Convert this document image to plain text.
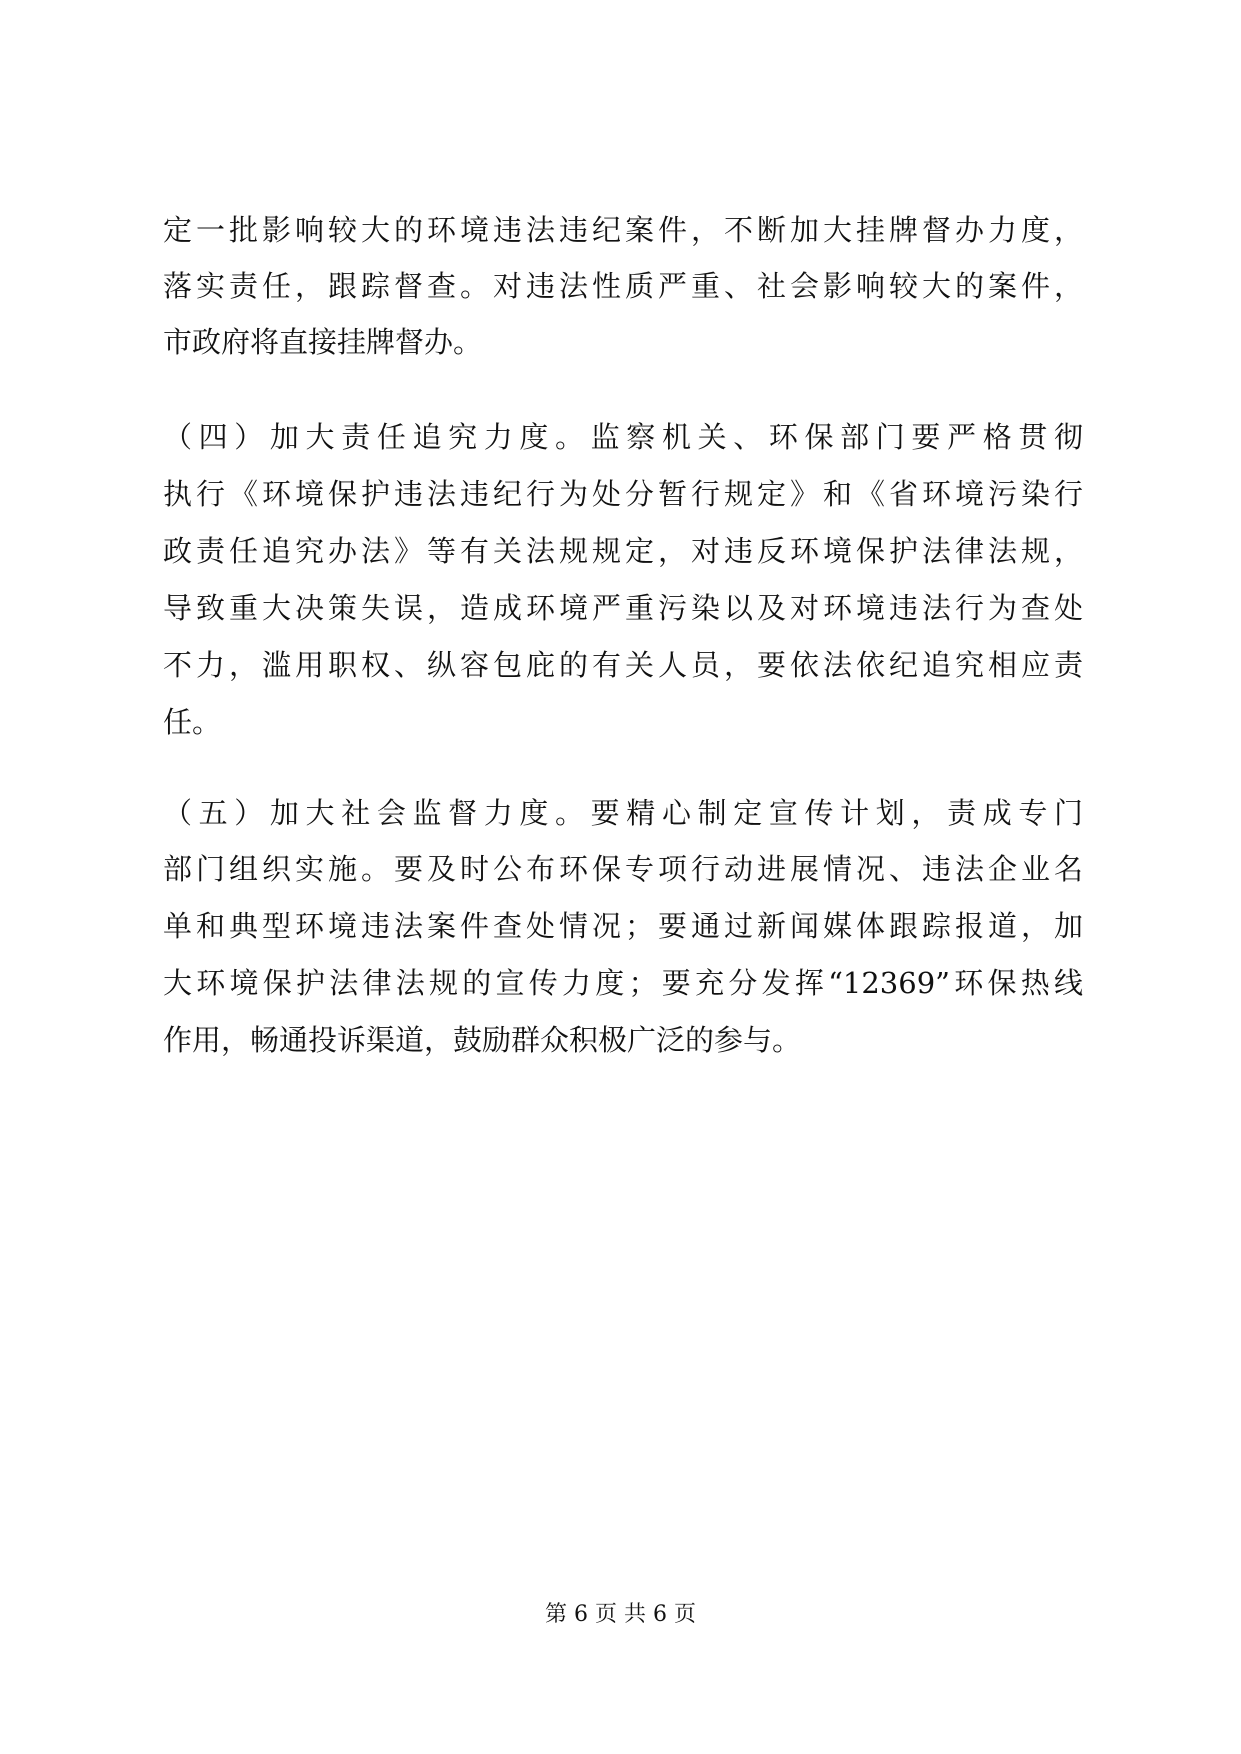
定一批影响较大的环境违法违纪案件，不断加大挂牌督办力度，
落实责任，跟踪督查。对违法性质严重、社会影响较大的案件，
市政府将直接挂牌督办。
（四）加大责任追究力度。监察机关、环保部门要严格贯彻
执行《环境保护违法违纪行为处分暂行规定》和《省环境污染行
政责任追究办法》等有关法规规定，对违反环境保护法律法规，
导致重大决策失误，造成环境严重污染以及对环境违法行为查处
不力，滥用职权、纵容包庇的有关人员，要依法依纪追究相应责
任。
（五）加大社会监督力度。要精心制定宣传计划，责成专门
部门组织实施。要及时公布环保专项行动进展情况、违法企业名
单和典型环境违法案件查处情况；要通过新闻媒体跟踪报道，加
大环境保护法律法规的宣传力度；要充分发挥“12369”环保热线
作用，畅通投诉渠道，鼓励群众积极广泛的参与。
第 6 页 共 6 页
